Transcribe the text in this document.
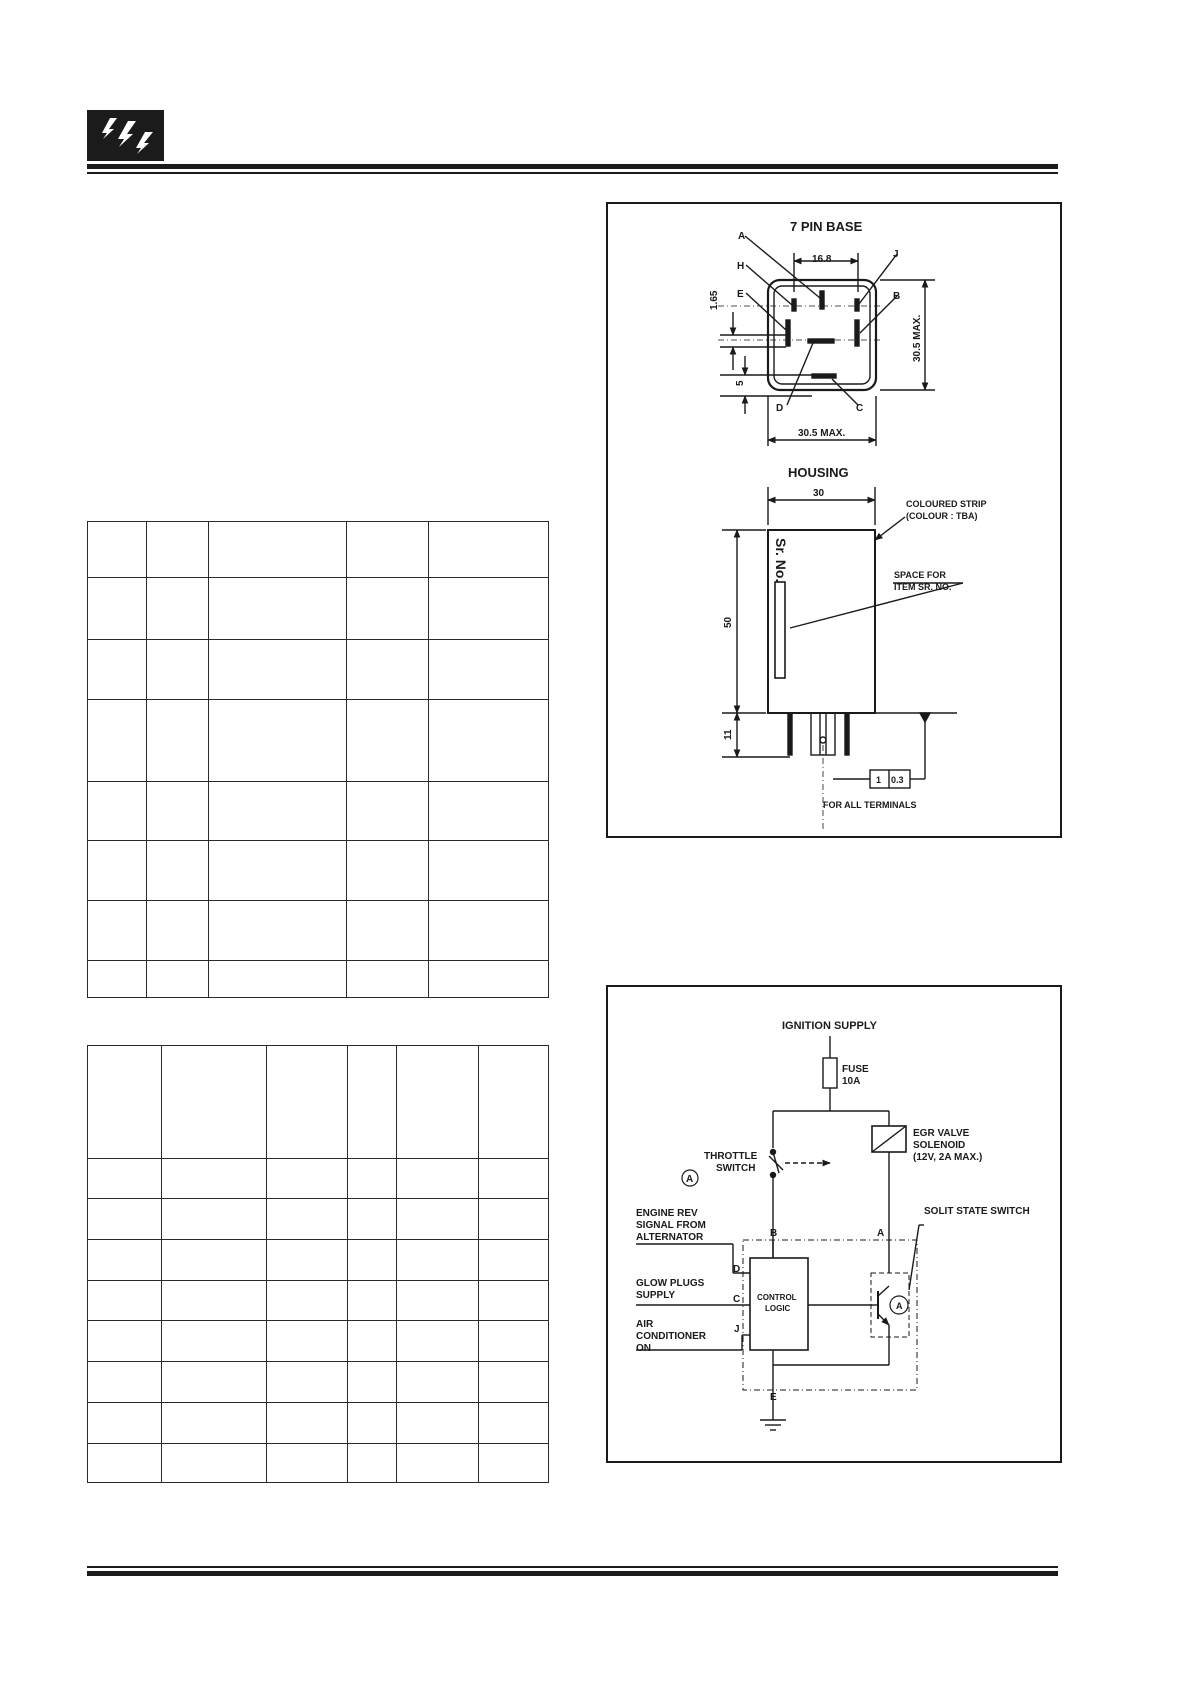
7 PIN BASE
A
H
E
J
B
D	C
16.8
1.65
5
30.5 MAX.
30.5 MAX.
HOUSING
30
50
11
Sr. No.
COLOURED STRIP
(COLOUR : TBA)
SPACE FOR
ITEM SR. NO.
1 0.3
FOR ALL TERMINALS
IGNITION SUPPLY
FUSE
10A
EGR VALVE
SOLENOID
(12V, 2A MAX.)
THROTTLE
SWITCH
A
ENGINE REV
SIGNAL FROM
ALTERNATOR
GLOW PLUGS
SUPPLY
AIR
CONDITIONER
ON
SOLIT STATE SWITCH
CONTROL
LOGIC
B	A
D
C
J
E
A
